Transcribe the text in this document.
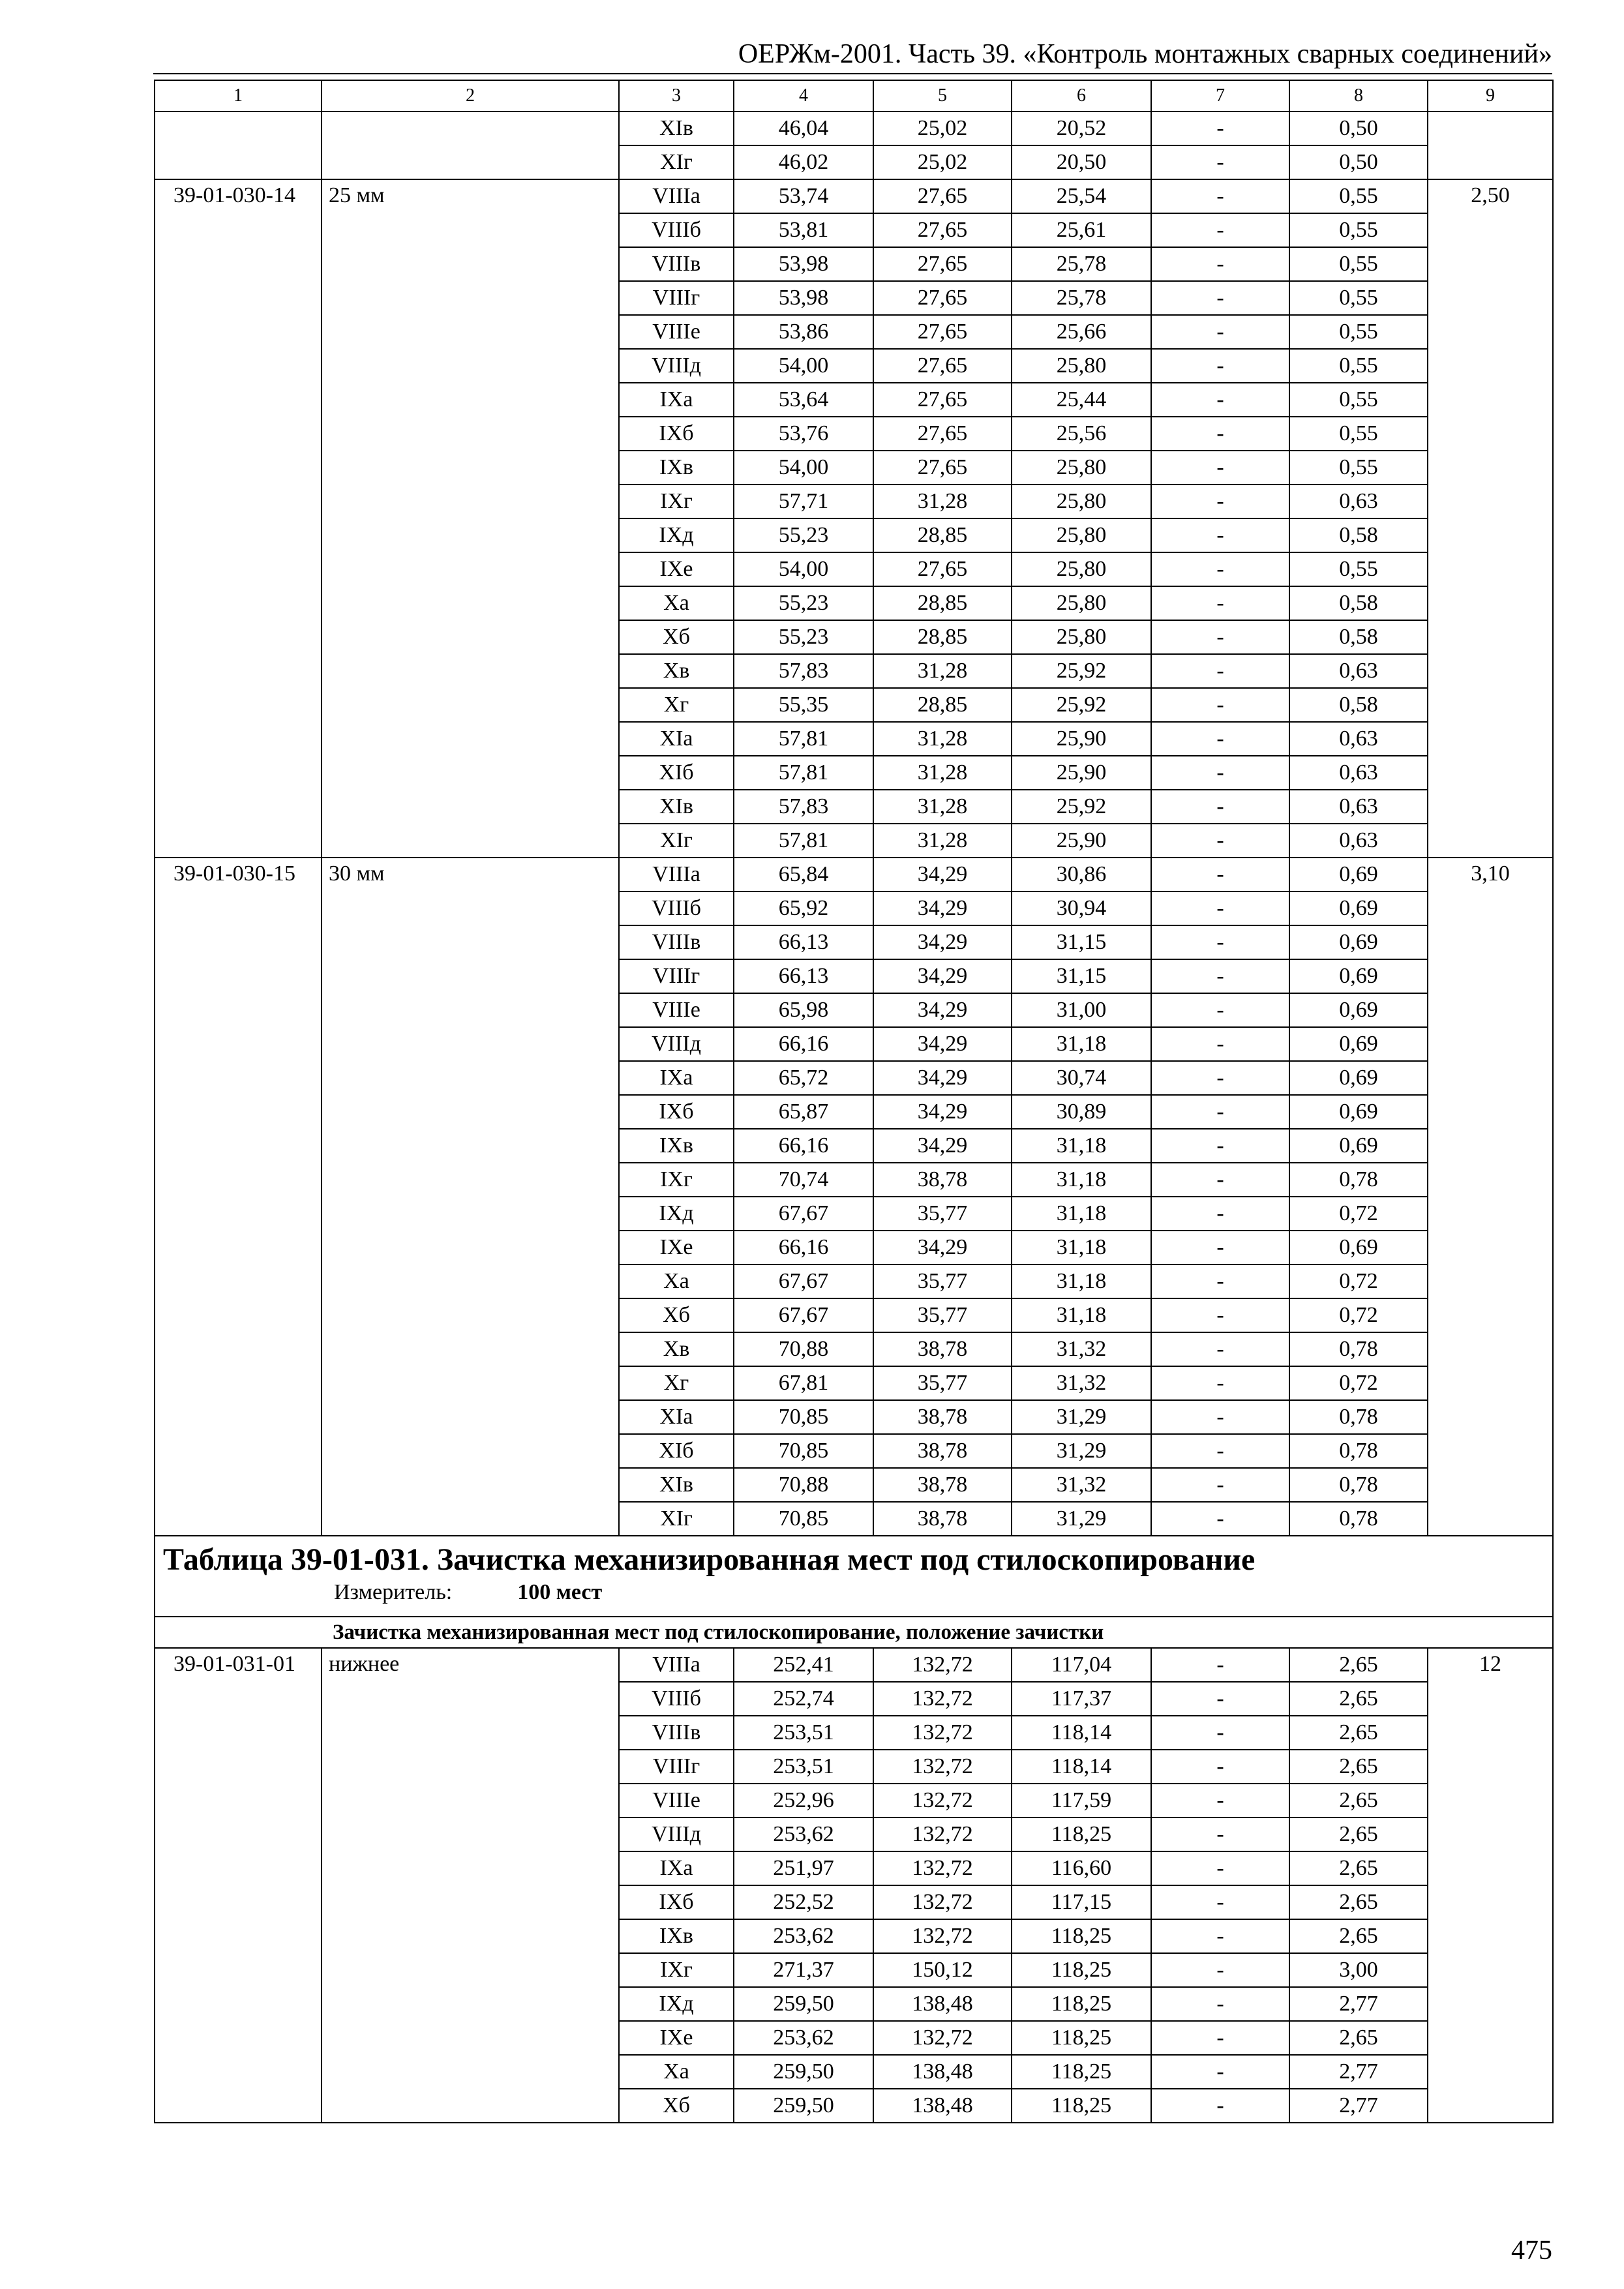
ОЕРЖм-2001. Часть 39. «Контроль монтажных сварных соединений»
1	2	3	4	5	6	7	8	9
		XIв	46,04	25,02	20,52	-	0,50	
		XIг	46,02	25,02	20,50	-	0,50	
39-01-030-14	25 мм	VIIIа	53,74	27,65	25,54	-	0,55	2,50
		VIIIб	53,81	27,65	25,61	-	0,55	
		VIIIв	53,98	27,65	25,78	-	0,55	
		VIIIг	53,98	27,65	25,78	-	0,55	
		VIIIе	53,86	27,65	25,66	-	0,55	
		VIIIд	54,00	27,65	25,80	-	0,55	
		IXа	53,64	27,65	25,44	-	0,55	
		IXб	53,76	27,65	25,56	-	0,55	
		IXв	54,00	27,65	25,80	-	0,55	
		IXг	57,71	31,28	25,80	-	0,63	
		IXд	55,23	28,85	25,80	-	0,58	
		IXе	54,00	27,65	25,80	-	0,55	
		Xа	55,23	28,85	25,80	-	0,58	
		Xб	55,23	28,85	25,80	-	0,58	
		Xв	57,83	31,28	25,92	-	0,63	
		Xг	55,35	28,85	25,92	-	0,58	
		XIа	57,81	31,28	25,90	-	0,63	
		XIб	57,81	31,28	25,90	-	0,63	
		XIв	57,83	31,28	25,92	-	0,63	
		XIг	57,81	31,28	25,90	-	0,63	
39-01-030-15	30 мм	VIIIа	65,84	34,29	30,86	-	0,69	3,10
		VIIIб	65,92	34,29	30,94	-	0,69	
		VIIIв	66,13	34,29	31,15	-	0,69	
		VIIIг	66,13	34,29	31,15	-	0,69	
		VIIIе	65,98	34,29	31,00	-	0,69	
		VIIIд	66,16	34,29	31,18	-	0,69	
		IXа	65,72	34,29	30,74	-	0,69	
		IXб	65,87	34,29	30,89	-	0,69	
		IXв	66,16	34,29	31,18	-	0,69	
		IXг	70,74	38,78	31,18	-	0,78	
		IXд	67,67	35,77	31,18	-	0,72	
		IXе	66,16	34,29	31,18	-	0,69	
		Xа	67,67	35,77	31,18	-	0,72	
		Xб	67,67	35,77	31,18	-	0,72	
		Xв	70,88	38,78	31,32	-	0,78	
		Xг	67,81	35,77	31,32	-	0,72	
		XIа	70,85	38,78	31,29	-	0,78	
		XIб	70,85	38,78	31,29	-	0,78	
		XIв	70,88	38,78	31,32	-	0,78	
		XIг	70,85	38,78	31,29	-	0,78	

Таблица 39-01-031. Зачистка механизированная мест под стилоскопирование
Измеритель: 100 мест								

Зачистка механизированная мест под стилоскопирование, положение зачистки								
39-01-031-01	нижнее	VIIIа	252,41	132,72	117,04	-	2,65	12
		VIIIб	252,74	132,72	117,37	-	2,65	
		VIIIв	253,51	132,72	118,14	-	2,65	
		VIIIг	253,51	132,72	118,14	-	2,65	
		VIIIе	252,96	132,72	117,59	-	2,65	
		VIIIд	253,62	132,72	118,25	-	2,65	
		IXа	251,97	132,72	116,60	-	2,65	
		IXб	252,52	132,72	117,15	-	2,65	
		IXв	253,62	132,72	118,25	-	2,65	
		IXг	271,37	150,12	118,25	-	3,00	
		IXд	259,50	138,48	118,25	-	2,77	
		IXе	253,62	132,72	118,25	-	2,65	
		Xа	259,50	138,48	118,25	-	2,77	
		Xб	259,50	138,48	118,25	-	2,77	
475
